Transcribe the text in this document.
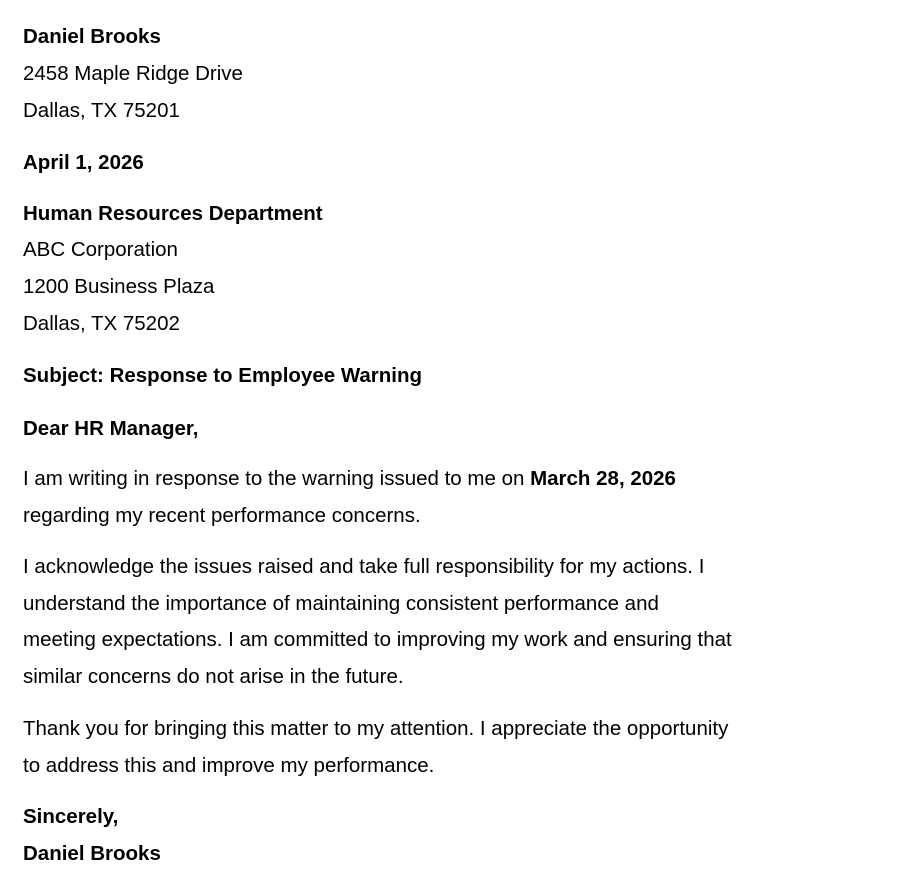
Daniel Brooks
2458 Maple Ridge Drive
Dallas, TX 75201
April 1, 2026
Human Resources Department
ABC Corporation
1200 Business Plaza
Dallas, TX 75202
Subject: Response to Employee Warning
Dear HR Manager,
I am writing in response to the warning issued to me on March 28, 2026
regarding my recent performance concerns.
I acknowledge the issues raised and take full responsibility for my actions. I
understand the importance of maintaining consistent performance and
meeting expectations. I am committed to improving my work and ensuring that
similar concerns do not arise in the future.
Thank you for bringing this matter to my attention. I appreciate the opportunity
to address this and improve my performance.
Sincerely,
Daniel Brooks
